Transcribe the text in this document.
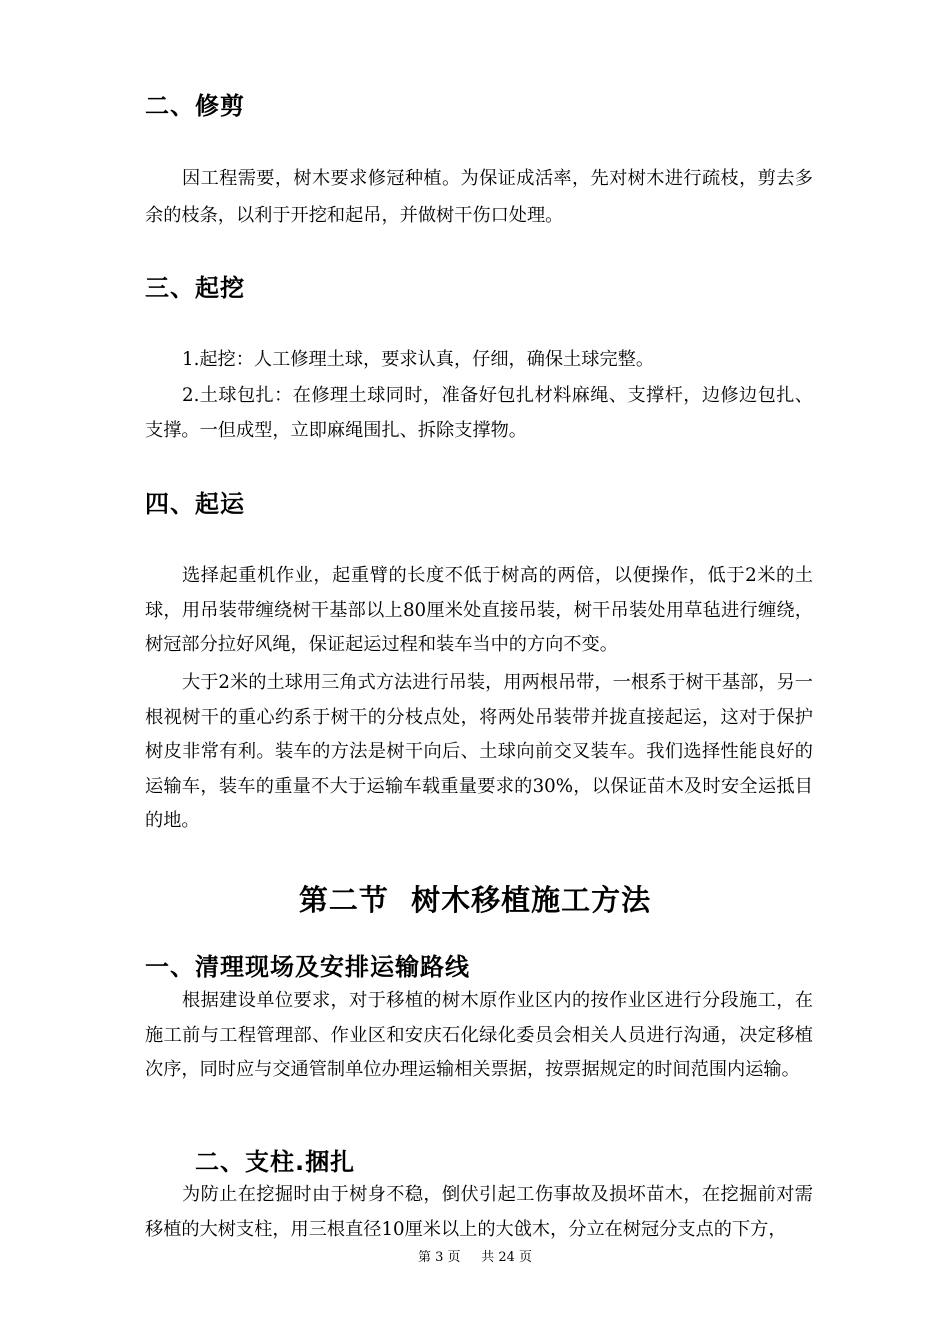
二、修剪
因工程需要，树木要求修冠种植。为保证成活率，先对树木进行疏枝，剪去多余的枝条，以利于开挖和起吊，并做树干伤口处理。
三、起挖
1.起挖：人工修理土球，要求认真，仔细，确保土球完整。
2.土球包扎：在修理土球同时，准备好包扎材料麻绳、支撑杆，边修边包扎、支撑。一但成型，立即麻绳围扎、拆除支撑物。
四、起运
选择起重机作业，起重臂的长度不低于树高的两倍，以便操作，低于2米的土球，用吊装带缠绕树干基部以上80厘米处直接吊装，树干吊装处用草毡进行缠绕，树冠部分拉好风绳，保证起运过程和装车当中的方向不变。
大于2米的土球用三角式方法进行吊装，用两根吊带，一根系于树干基部，另一根视树干的重心约系于树干的分枝点处，将两处吊装带并拢直接起运，这对于保护树皮非常有利。装车的方法是树干向后、土球向前交叉装车。我们选择性能良好的运输车，装车的重量不大于运输车载重量要求的30%，以保证苗木及时安全运抵目的地。
第二节  树木移植施工方法
一、清理现场及安排运输路线
根据建设单位要求，对于移植的树木原作业区内的按作业区进行分段施工，在施工前与工程管理部、作业区和安庆石化绿化委员会相关人员进行沟通，决定移植次序，同时应与交通管制单位办理运输相关票据，按票据规定的时间范围内运输。
二、支柱.捆扎
为防止在挖掘时由于树身不稳，倒伏引起工伤事故及损坏苗木，在挖掘前对需移植的大树支柱，用三根直径10厘米以上的大戗木，分立在树冠分支点的下方，
第 3 页     共 24 页
